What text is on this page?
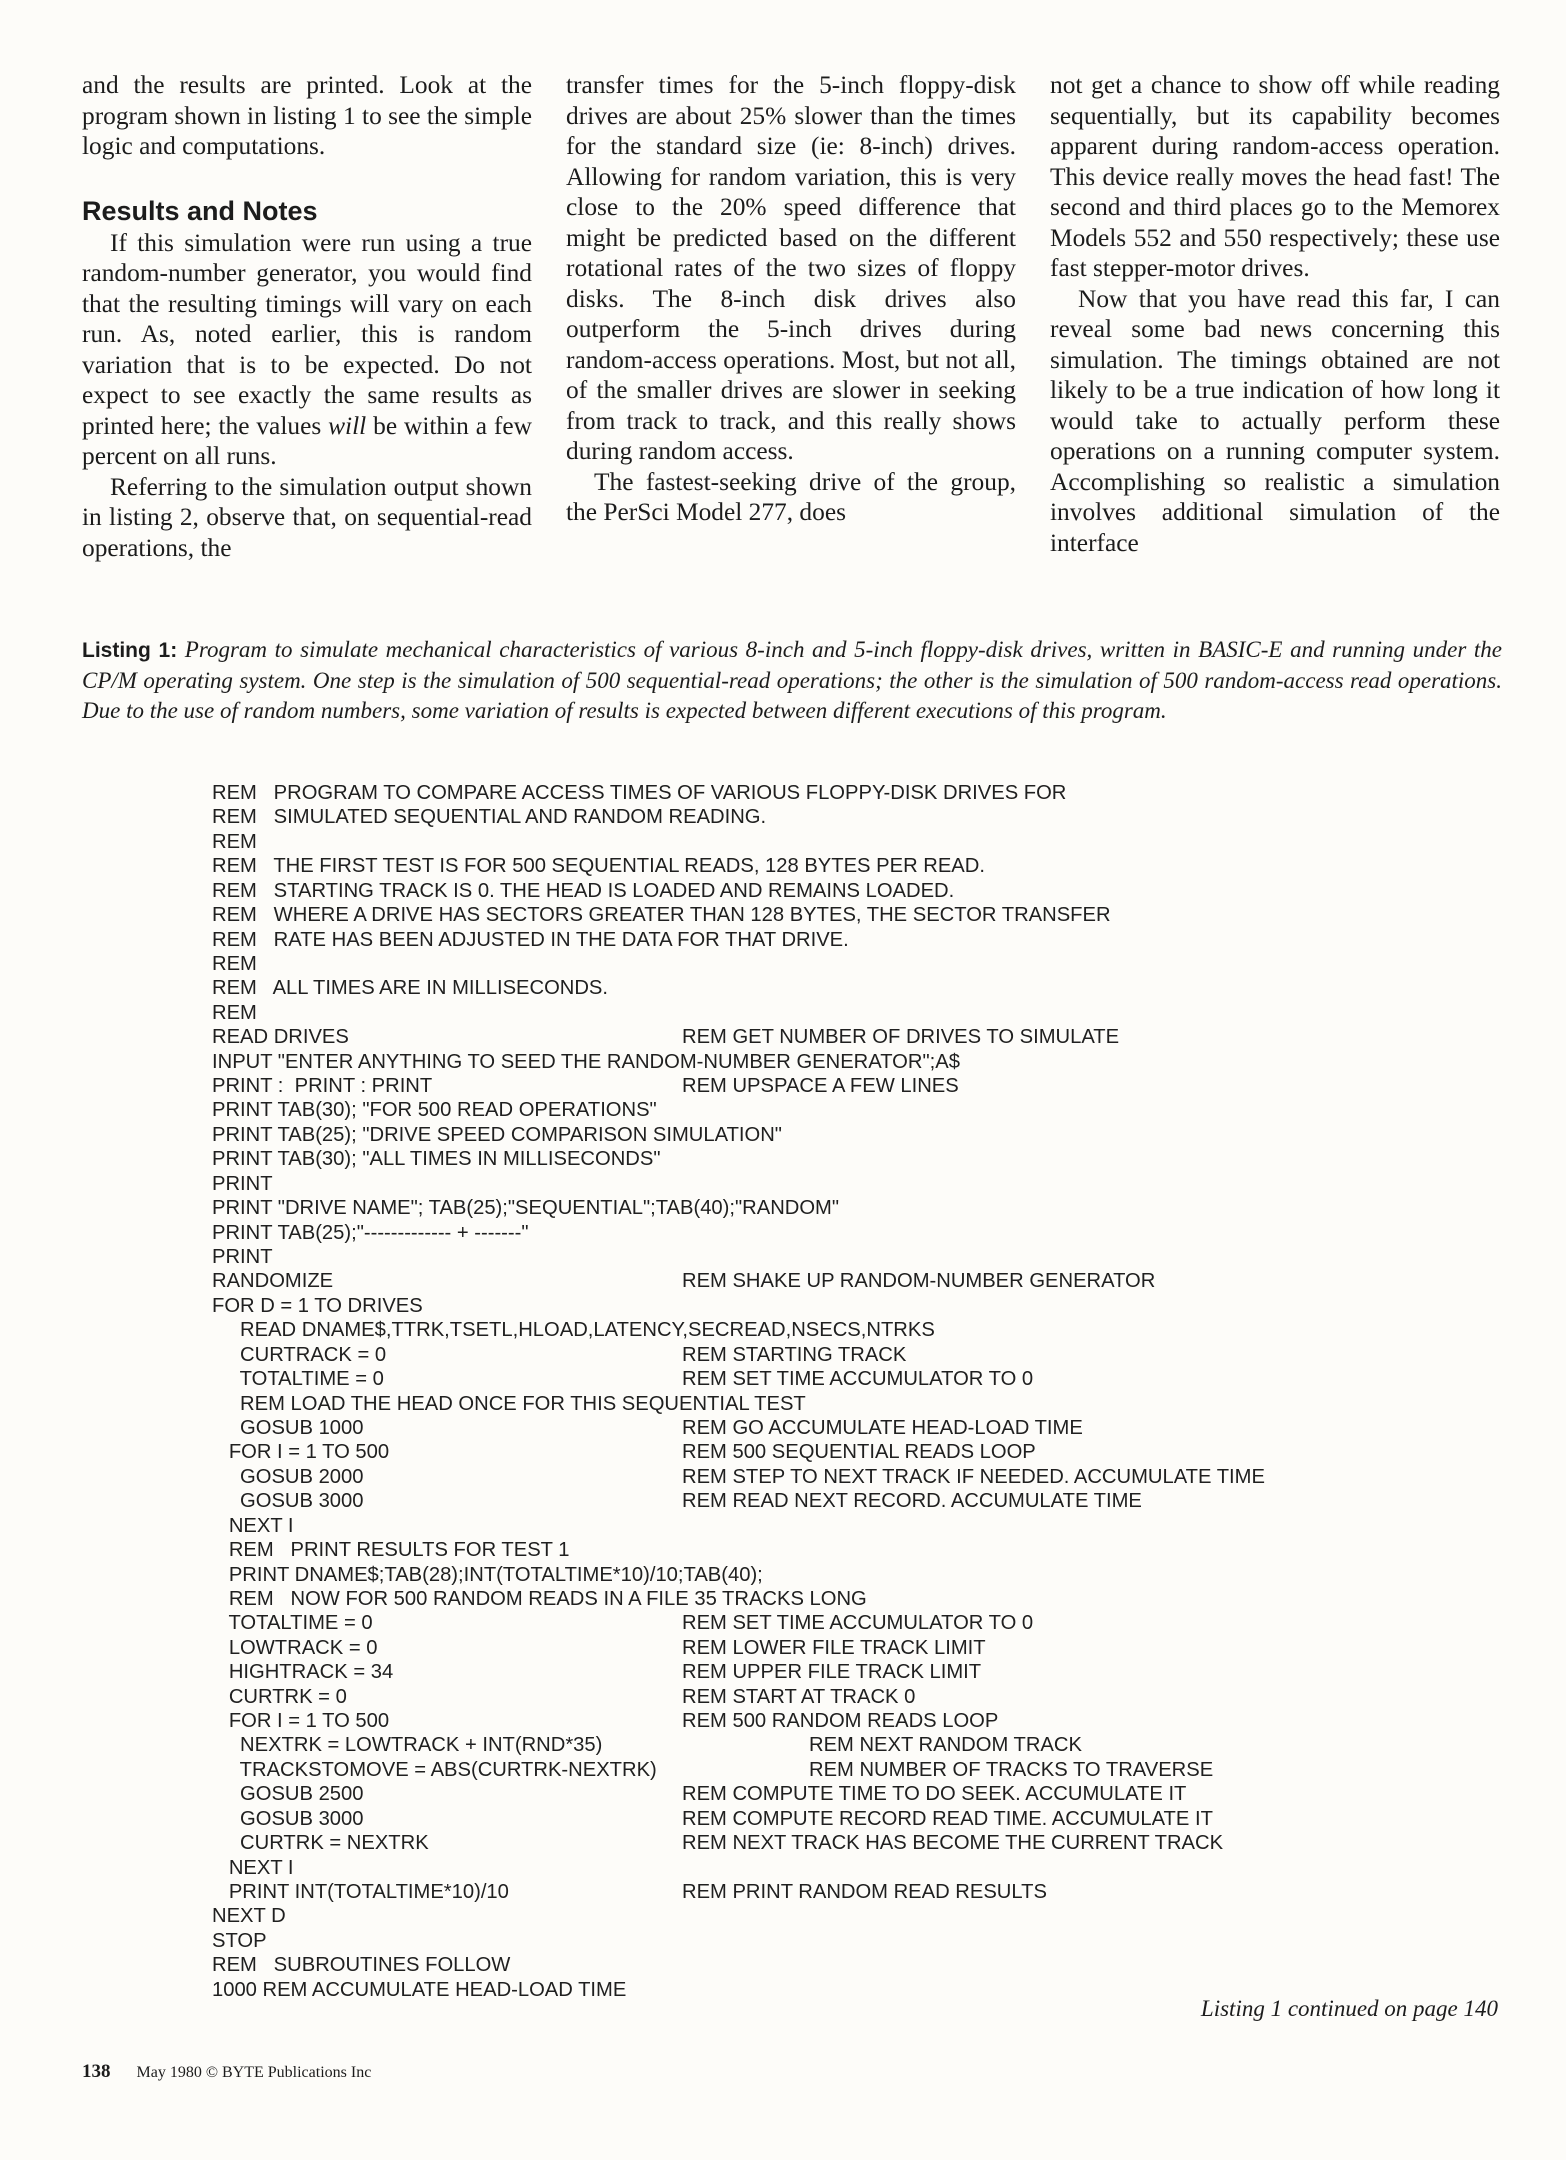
and the results are printed. Look at the program shown in listing 1 to see the simple logic and computations.

Results and Notes

If this simulation were run using a true random-number generator, you would find that the resulting timings will vary on each run. As, noted earlier, this is random variation that is to be expected. Do not expect to see exactly the same results as printed here; the values will be within a few percent on all runs.

Referring to the simulation output shown in listing 2, observe that, on sequential-read operations, the

transfer times for the 5-inch floppy-disk drives are about 25% slower than the times for the standard size (ie: 8-inch) drives. Allowing for random variation, this is very close to the 20% speed difference that might be predicted based on the different rotational rates of the two sizes of floppy disks. The 8-inch disk drives also outperform the 5-inch drives during random-access operations. Most, but not all, of the smaller drives are slower in seeking from track to track, and this really shows during random access.

The fastest-seeking drive of the group, the PerSci Model 277, does

not get a chance to show off while reading sequentially, but its capability becomes apparent during random-access operation. This device really moves the head fast! The second and third places go to the Memorex Models 552 and 550 respectively; these use fast stepper-motor drives.

Now that you have read this far, I can reveal some bad news concerning this simulation. The timings obtained are not likely to be a true indication of how long it would take to actually perform these operations on a running computer system. Accomplishing so realistic a simulation involves additional simulation of the interface

Listing 1: Program to simulate mechanical characteristics of various 8-inch and 5-inch floppy-disk drives, written in BASIC-E and running under the CP/M operating system. One step is the simulation of 500 sequential-read operations; the other is the simulation of 500 random-access read operations. Due to the use of random numbers, some variation of results is expected between different executions of this program.
REM   PROGRAM TO COMPARE ACCESS TIMES OF VARIOUS FLOPPY-DISK DRIVES FOR
REM   SIMULATED SEQUENTIAL AND RANDOM READING.
REM
REM   THE FIRST TEST IS FOR 500 SEQUENTIAL READS, 128 BYTES PER READ.
REM   STARTING TRACK IS 0. THE HEAD IS LOADED AND REMAINS LOADED.
REM   WHERE A DRIVE HAS SECTORS GREATER THAN 128 BYTES, THE SECTOR TRANSFER
REM   RATE HAS BEEN ADJUSTED IN THE DATA FOR THAT DRIVE.
REM
REM   ALL TIMES ARE IN MILLISECONDS.
REM
READ DRIVES	REM GET NUMBER OF DRIVES TO SIMULATE
INPUT "ENTER ANYTHING TO SEED THE RANDOM-NUMBER GENERATOR";A$
PRINT :  PRINT : PRINT	REM UPSPACE A FEW LINES
PRINT TAB(30); "FOR 500 READ OPERATIONS"
PRINT TAB(25); "DRIVE SPEED COMPARISON SIMULATION"
PRINT TAB(30); "ALL TIMES IN MILLISECONDS"
PRINT
PRINT "DRIVE NAME"; TAB(25);"SEQUENTIAL";TAB(40);"RANDOM"
PRINT TAB(25);"------------- + -------"
PRINT
RANDOMIZE	REM SHAKE UP RANDOM-NUMBER GENERATOR
FOR D = 1 TO DRIVES
READ DNAME$,TTRK,TSETL,HLOAD,LATENCY,SECREAD,NSECS,NTRKS
CURTRACK = 0	REM STARTING TRACK
TOTALTIME = 0	REM SET TIME ACCUMULATOR TO 0
REM LOAD THE HEAD ONCE FOR THIS SEQUENTIAL TEST
GOSUB 1000	REM GO ACCUMULATE HEAD-LOAD TIME
FOR I = 1 TO 500	REM 500 SEQUENTIAL READS LOOP
GOSUB 2000	REM STEP TO NEXT TRACK IF NEEDED. ACCUMULATE TIME
GOSUB 3000	REM READ NEXT RECORD. ACCUMULATE TIME
NEXT I
REM   PRINT RESULTS FOR TEST 1
PRINT DNAME$;TAB(28);INT(TOTALTIME*10)/10;TAB(40);
REM   NOW FOR 500 RANDOM READS IN A FILE 35 TRACKS LONG
TOTALTIME = 0	REM SET TIME ACCUMULATOR TO 0
LOWTRACK = 0	REM LOWER FILE TRACK LIMIT
HIGHTRACK = 34	REM UPPER FILE TRACK LIMIT
CURTRK = 0	REM START AT TRACK 0
FOR I = 1 TO 500	REM 500 RANDOM READS LOOP
NEXTRK = LOWTRACK + INT(RND*35)	REM NEXT RANDOM TRACK
TRACKSTOMOVE = ABS(CURTRK-NEXTRK)	REM NUMBER OF TRACKS TO TRAVERSE
GOSUB 2500	REM COMPUTE TIME TO DO SEEK. ACCUMULATE IT
GOSUB 3000	REM COMPUTE RECORD READ TIME. ACCUMULATE IT
CURTRK = NEXTRK	REM NEXT TRACK HAS BECOME THE CURRENT TRACK
NEXT I
PRINT INT(TOTALTIME*10)/10	REM PRINT RANDOM READ RESULTS
NEXT D
STOP
REM   SUBROUTINES FOLLOW
1000 REM ACCUMULATE HEAD-LOAD TIME
Listing 1 continued on page 140
138 May 1980 © BYTE Publications Inc
